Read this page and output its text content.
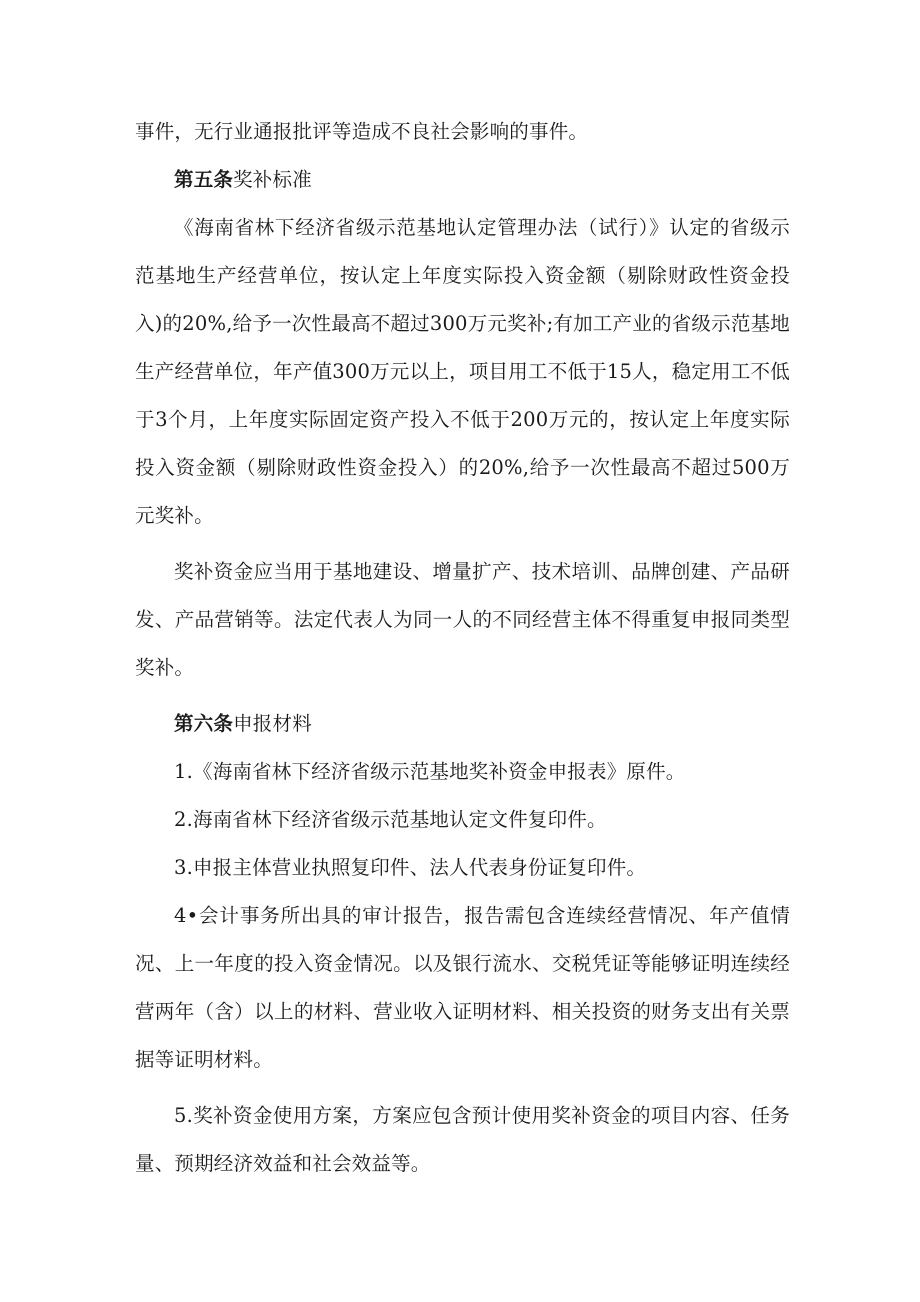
事件，无行业通报批评等造成不良社会影响的事件。

第五条奖补标准

《海南省林下经济省级示范基地认定管理办法（试行）》认定的省级示范基地生产经营单位，按认定上年度实际投入资金额（剔除财政性资金投入)的20%,给予一次性最高不超过300万元奖补;有加工产业的省级示范基地生产经营单位，年产值300万元以上，项目用工不低于15人，稳定用工不低于3个月，上年度实际固定资产投入不低于200万元的，按认定上年度实际投入资金额（剔除财政性资金投入）的20%,给予一次性最高不超过500万元奖补。

奖补资金应当用于基地建设、增量扩产、技术培训、品牌创建、产品研发、产品营销等。法定代表人为同一人的不同经营主体不得重复申报同类型奖补。

第六条申报材料

1.《海南省林下经济省级示范基地奖补资金申报表》原件。

2.海南省林下经济省级示范基地认定文件复印件。

3.申报主体营业执照复印件、法人代表身份证复印件。

4•会计事务所出具的审计报告，报告需包含连续经营情况、年产值情况、上一年度的投入资金情况。以及银行流水、交税凭证等能够证明连续经营两年（含）以上的材料、营业收入证明材料、相关投资的财务支出有关票据等证明材料。

5.奖补资金使用方案，方案应包含预计使用奖补资金的项目内容、任务量、预期经济效益和社会效益等。
